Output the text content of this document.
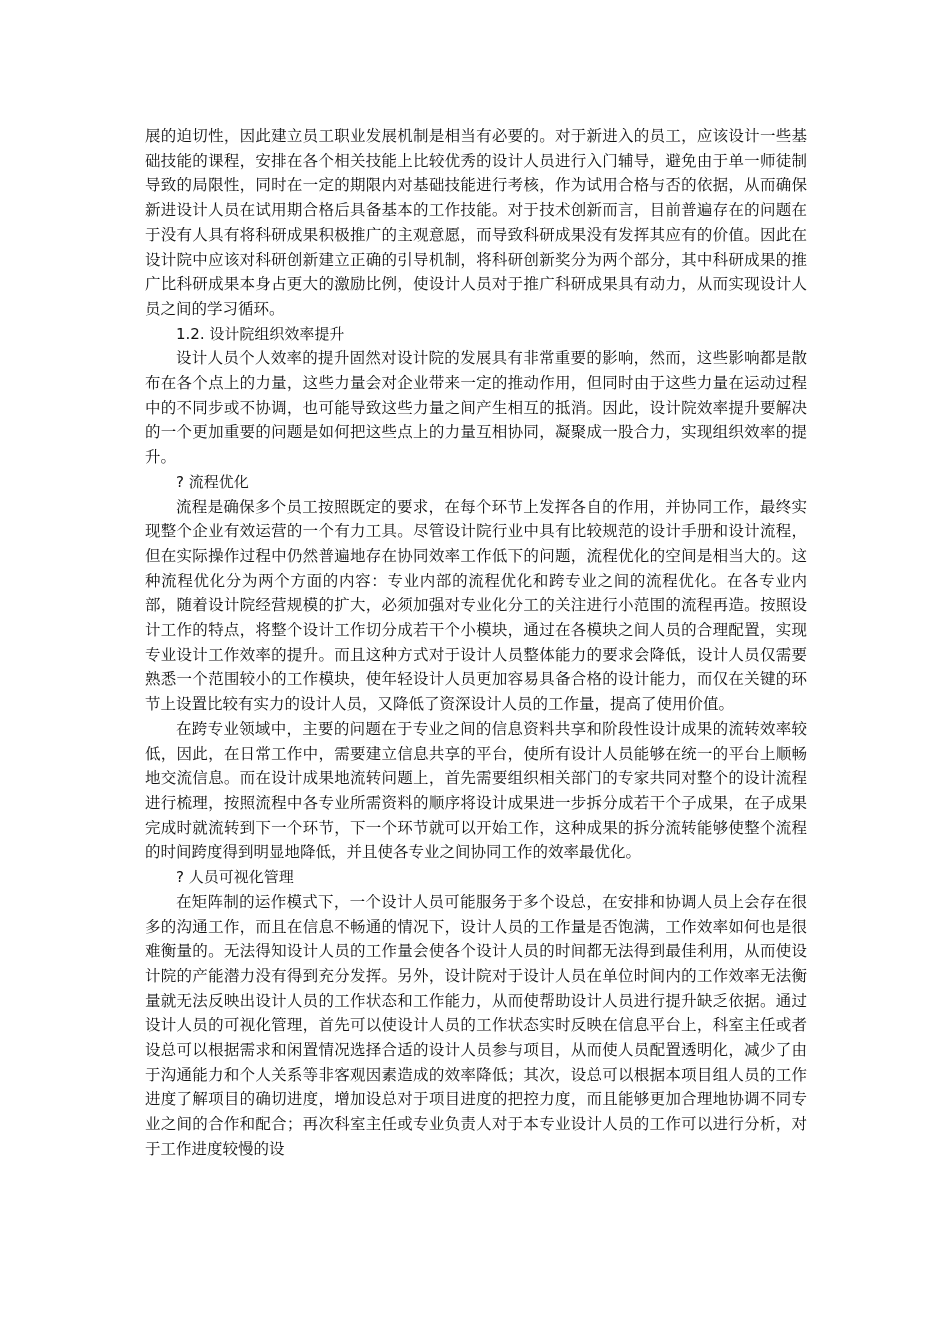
展的迫切性，因此建立员工职业发展机制是相当有必要的。对于新进入的员工，应该设计一些基础技能的课程，安排在各个相关技能上比较优秀的设计人员进行入门辅导，避免由于单一师徒制导致的局限性，同时在一定的期限内对基础技能进行考核，作为试用合格与否的依据，从而确保新进设计人员在试用期合格后具备基本的工作技能。对于技术创新而言，目前普遍存在的问题在于没有人具有将科研成果积极推广的主观意愿，而导致科研成果没有发挥其应有的价值。因此在设计院中应该对科研创新建立正确的引导机制，将科研创新奖分为两个部分，其中科研成果的推广比科研成果本身占更大的激励比例，使设计人员对于推广科研成果具有动力，从而实现设计人员之间的学习循环。

1.2. 设计院组织效率提升

设计人员个人效率的提升固然对设计院的发展具有非常重要的影响，然而，这些影响都是散布在各个点上的力量，这些力量会对企业带来一定的推动作用，但同时由于这些力量在运动过程中的不同步或不协调，也可能导致这些力量之间产生相互的抵消。因此，设计院效率提升要解决的一个更加重要的问题是如何把这些点上的力量互相协同，凝聚成一股合力，实现组织效率的提升。

? 流程优化

流程是确保多个员工按照既定的要求，在每个环节上发挥各自的作用，并协同工作，最终实现整个企业有效运营的一个有力工具。尽管设计院行业中具有比较规范的设计手册和设计流程，但在实际操作过程中仍然普遍地存在协同效率工作低下的问题，流程优化的空间是相当大的。这种流程优化分为两个方面的内容：专业内部的流程优化和跨专业之间的流程优化。在各专业内部，随着设计院经营规模的扩大，必须加强对专业化分工的关注进行小范围的流程再造。按照设计工作的特点，将整个设计工作切分成若干个小模块，通过在各模块之间人员的合理配置，实现专业设计工作效率的提升。而且这种方式对于设计人员整体能力的要求会降低，设计人员仅需要熟悉一个范围较小的工作模块，使年轻设计人员更加容易具备合格的设计能力，而仅在关键的环节上设置比较有实力的设计人员，又降低了资深设计人员的工作量，提高了使用价值。

在跨专业领域中，主要的问题在于专业之间的信息资料共享和阶段性设计成果的流转效率较低，因此，在日常工作中，需要建立信息共享的平台，使所有设计人员能够在统一的平台上顺畅地交流信息。而在设计成果地流转问题上，首先需要组织相关部门的专家共同对整个的设计流程进行梳理，按照流程中各专业所需资料的顺序将设计成果进一步拆分成若干个子成果，在子成果完成时就流转到下一个环节，下一个环节就可以开始工作，这种成果的拆分流转能够使整个流程的时间跨度得到明显地降低，并且使各专业之间协同工作的效率最优化。

? 人员可视化管理

在矩阵制的运作模式下，一个设计人员可能服务于多个设总，在安排和协调人员上会存在很多的沟通工作，而且在信息不畅通的情况下，设计人员的工作量是否饱满，工作效率如何也是很难衡量的。无法得知设计人员的工作量会使各个设计人员的时间都无法得到最佳利用，从而使设计院的产能潜力没有得到充分发挥。另外，设计院对于设计人员在单位时间内的工作效率无法衡量就无法反映出设计人员的工作状态和工作能力，从而使帮助设计人员进行提升缺乏依据。通过设计人员的可视化管理，首先可以使设计人员的工作状态实时反映在信息平台上，科室主任或者设总可以根据需求和闲置情况选择合适的设计人员参与项目，从而使人员配置透明化，减少了由于沟通能力和个人关系等非客观因素造成的效率降低；其次，设总可以根据本项目组人员的工作进度了解项目的确切进度，增加设总对于项目进度的把控力度，而且能够更加合理地协调不同专业之间的合作和配合；再次科室主任或专业负责人对于本专业设计人员的工作可以进行分析，对于工作进度较慢的设
